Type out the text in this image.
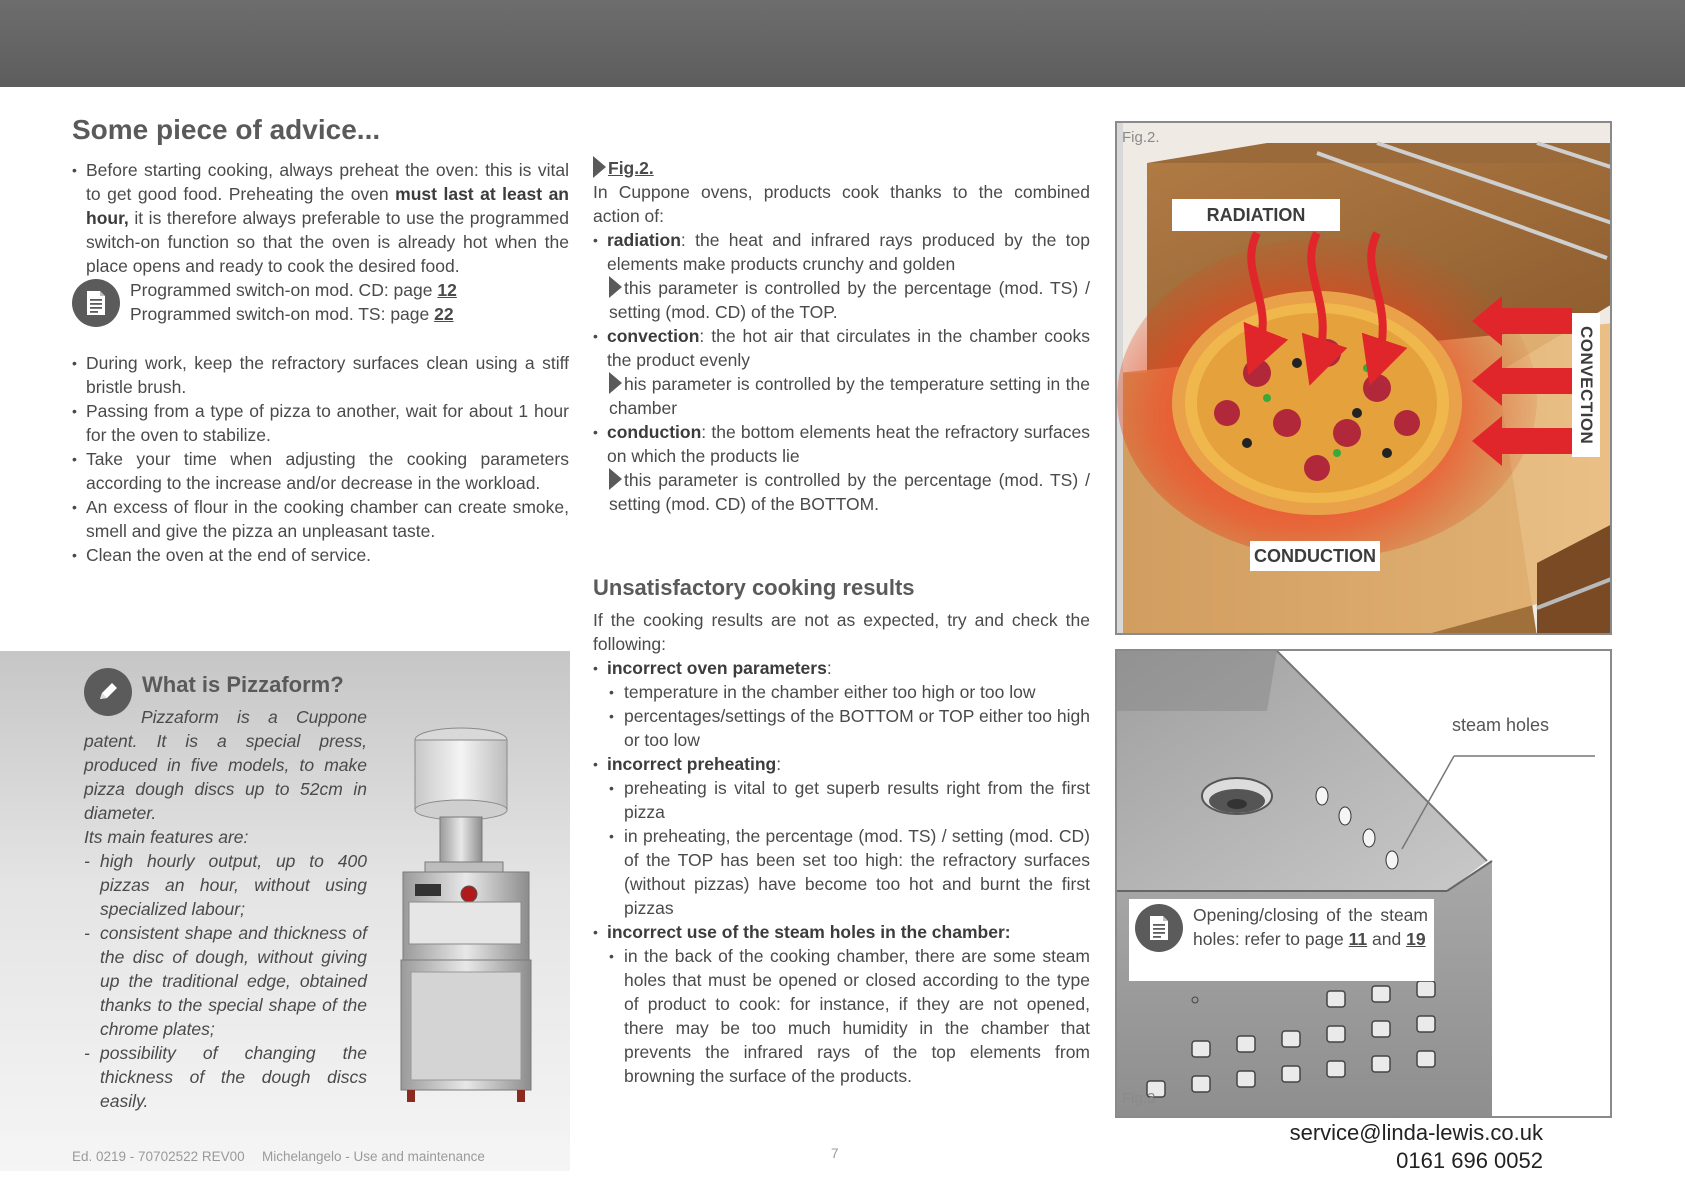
Some piece of advice...
• Before starting cooking, always preheat the oven: this is vital to get good food. Preheating the oven must last at least an hour, it is therefore always preferable to use the programmed switch-on function so that the oven is already hot when the place opens and ready to cook the desired food.
Programmed switch-on mod. CD: page 12
Programmed switch-on mod. TS: page 22
• During work, keep the refractory surfaces clean using a stiff bristle brush.
• Passing from a type of pizza to another, wait for about 1 hour for the oven to stabilize.
• Take your time when adjusting the cooking parameters according to the increase and/or decrease in the workload.
• An excess of flour in the cooking chamber can create smoke, smell and give the pizza an unpleasant taste.
• Clean the oven at the end of service.
What is Pizzaform?
Pizzaform is a Cuppone patent. It is a special press, produced in five models, to make pizza dough discs up to 52cm in diameter.
Its main features are:
- high hourly output, up to 400 pizzas an hour, without using specialized labour;
- consistent shape and thickness of the disc of dough, without giving up the traditional edge, obtained thanks to the special shape of the chrome plates;
- possibility of changing the thickness of the dough discs easily.
Fig.2.
In Cuppone ovens, products cook thanks to the combined action of:
• radiation: the heat and infrared rays produced by the top elements make products crunchy and golden
this parameter is controlled by the percentage (mod. TS) / setting (mod. CD) of the TOP.
• convection: the hot air that circulates in the chamber cooks the product evenly
his parameter is controlled by the temperature setting in the chamber
• conduction: the bottom elements heat the refractory surfaces on which the products lie
this parameter is controlled by the percentage (mod. TS) / setting (mod. CD) of the BOTTOM.
Unsatisfactory cooking results
If the cooking results are not as expected, try and check the following:
• incorrect oven parameters:
• temperature in the chamber either too high or too low
• percentages/settings of the BOTTOM or TOP either too high or too low
• incorrect preheating:
• preheating is vital to get superb results right from the first pizza
• in preheating, the percentage (mod. TS) / setting (mod. CD) of the TOP has been set too high: the refractory surfaces (without pizzas) have become too hot and burnt the first pizzas
• incorrect use of the steam holes in the chamber:
• in the back of the cooking chamber, there are some steam holes that must be opened or closed according to the type of product to cook: for instance, if they are not opened, there may be too much humidity in the chamber that prevents the infrared rays of the top elements from browning the surface of the products.
Fig.2.
RADIATION
CONDUCTION
CONVECTION
Fig.3
steam holes
Opening/closing of the steam holes: refer to page 11 and 19
Ed. 0219 - 70702522 REV00 Michelangelo - Use and maintenance	7
service@linda-lewis.co.uk
0161 696 0052
